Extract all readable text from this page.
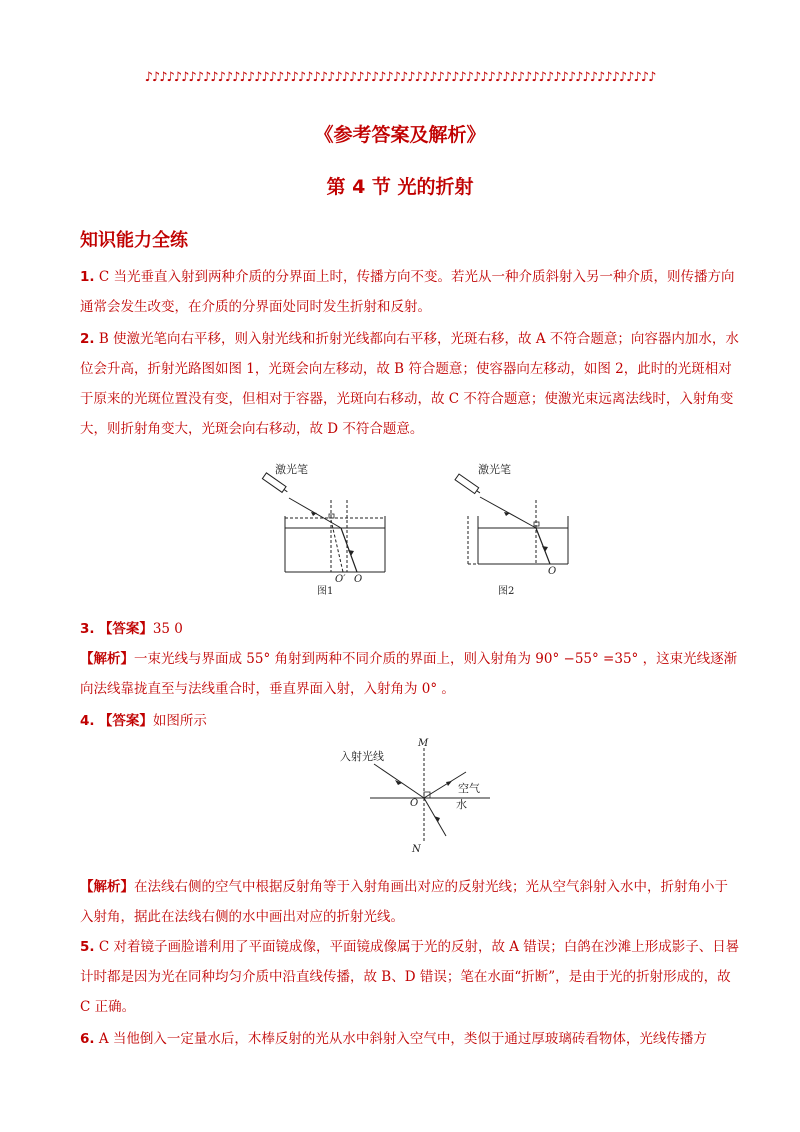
♪♪♪♪♪♪♪♪♪♪♪♪♪♪♪♪♪♪♪♪♪♪♪♪♪♪♪♪♪♪♪♪♪♪♪♪♪♪♪♪♪♪♪♪♪♪♪♪♪♪♪♪♪♪♪♪♪♪♪♪♪♪♪♪♪♪♪♪♪♪
《参考答案及解析》
第 4 节 光的折射
知识能力全练
1. C 当光垂直入射到两种介质的分界面上时，传播方向不变。若光从一种介质斜射入另一种介质，则传播方向通常会发生改变，在介质的分界面处同时发生折射和反射。
2. B 使激光笔向右平移，则入射光线和折射光线都向右平移，光斑右移，故 A 不符合题意；向容器内加水，水位会升高，折射光路图如图 1，光斑会向左移动，故 B 符合题意；使容器向左移动，如图 2，此时的光斑相对于原来的光斑位置没有变，但相对于容器，光斑向右移动，故 C 不符合题意；使激光束远离法线时，入射角变大，则折射角变大，光斑会向右移动，故 D 不符合题意。
激光笔
O′ O
图1
激光笔
O
图2
3. 【答案】35 0
【解析】一束光线与界面成 55° 角射到两种不同介质的界面上，则入射角为 90° −55° =35° ，这束光线逐渐向法线靠拢直至与法线重合时，垂直界面入射，入射角为 0° 。
4. 【答案】如图所示
入射光线
M
N
O
空气
水
【解析】在法线右侧的空气中根据反射角等于入射角画出对应的反射光线；光从空气斜射入水中，折射角小于入射角，据此在法线右侧的水中画出对应的折射光线。
5. C 对着镜子画脸谱利用了平面镜成像，平面镜成像属于光的反射，故 A 错误；白鸽在沙滩上形成影子、日晷计时都是因为光在同种均匀介质中沿直线传播，故 B、D 错误；笔在水面“折断”，是由于光的折射形成的，故 C 正确。
6. A 当他倒入一定量水后，木棒反射的光从水中斜射入空气中，类似于通过厚玻璃砖看物体，光线传播方
